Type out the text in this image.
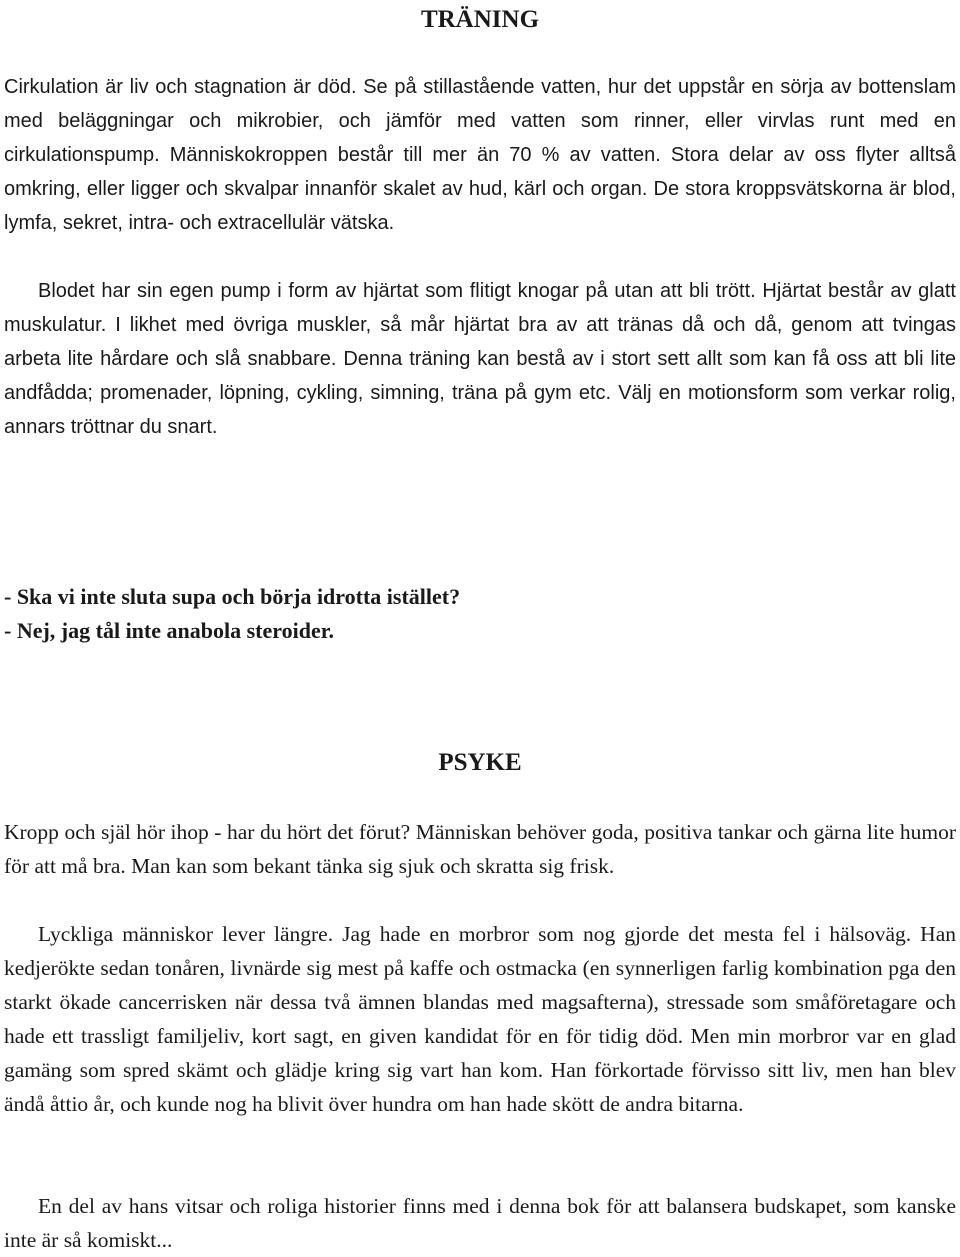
TRÄNING

Cirkulation är liv och stagnation är död. Se på stillastående vatten, hur det uppstår en sörja av bottenslam med beläggningar och mikrobier, och jämför med vatten som rinner, eller virvlas runt med en cirkulationspump. Människokroppen består till mer än 70 % av vatten. Stora delar av oss flyter alltså omkring, eller ligger och skvalpar innanför skalet av hud, kärl och organ. De stora kroppsvätskorna är blod, lymfa, sekret, intra- och extracellulär vätska.

Blodet har sin egen pump i form av hjärtat som flitigt knogar på utan att bli trött. Hjärtat består av glatt muskulatur. I likhet med övriga muskler, så mår hjärtat bra av att tränas då och då, genom att tvingas arbeta lite hårdare och slå snabbare. Denna träning kan bestå av i stort sett allt som kan få oss att bli lite andfådda; promenader, löpning, cykling, simning, träna på gym etc. Välj en motionsform som verkar rolig, annars tröttnar du snart.

- Ska vi inte sluta supa och börja idrotta istället?

- Nej, jag tål inte anabola steroider.

PSYKE

Kropp och själ hör ihop - har du hört det förut? Människan behöver goda, positiva tankar och gärna lite humor för att må bra. Man kan som bekant tänka sig sjuk och skratta sig frisk.

Lyckliga människor lever längre. Jag hade en morbror som nog gjorde det mesta fel i hälsoväg. Han kedjerökte sedan tonåren, livnärde sig mest på kaffe och ostmacka (en synnerligen farlig kombination pga den starkt ökade cancerrisken när dessa två ämnen blandas med magsafterna), stressade som småföretagare och hade ett trassligt familjeliv, kort sagt, en given kandidat för en för tidig död. Men min morbror var en glad gamäng som spred skämt och glädje kring sig vart han kom. Han förkortade förvisso sitt liv, men han blev ändå åttio år, och kunde nog ha blivit över hundra om han hade skött de andra bitarna.

En del av hans vitsar och roliga historier finns med i denna bok för att balansera budskapet, som kanske inte är så komiskt...
